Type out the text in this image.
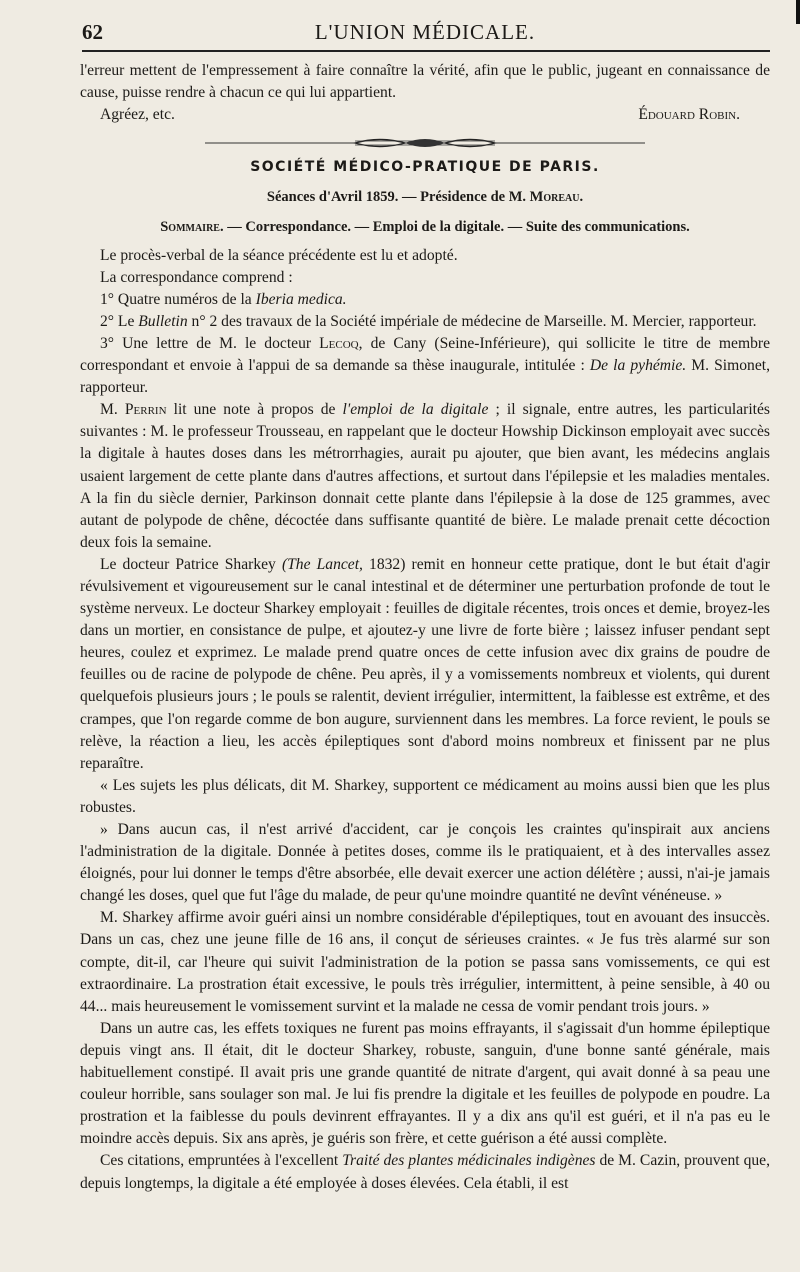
62	L'UNION MÉDICALE.

l'erreur mettent de l'empressement à faire connaître la vérité, afin que le public, jugeant en connaissance de cause, puisse rendre à chacun ce qui lui appartient.

Agréez, etc.	Édouard Robin.
SOCIÉTÉ MÉDICO-PRATIQUE DE PARIS.
Séances d'Avril 1859. — Présidence de M. Moreau.
Sommaire. — Correspondance. — Emploi de la digitale. — Suite des communications.

Le procès-verbal de la séance précédente est lu et adopté.

La correspondance comprend :

1° Quatre numéros de la Iberia medica.

2° Le Bulletin n° 2 des travaux de la Société impériale de médecine de Marseille. M. Mercier, rapporteur.

3° Une lettre de M. le docteur Lecoq, de Cany (Seine-Inférieure), qui sollicite le titre de membre correspondant et envoie à l'appui de sa demande sa thèse inaugurale, intitulée : De la pyhémie. M. Simonet, rapporteur.

M. Perrin lit une note à propos de l'emploi de la digitale ; il signale, entre autres, les particularités suivantes : M. le professeur Trousseau, en rappelant que le docteur Howship Dickinson employait avec succès la digitale à hautes doses dans les métrorrhagies, aurait pu ajouter, que bien avant, les médecins anglais usaient largement de cette plante dans d'autres affections, et surtout dans l'épilepsie et les maladies mentales. A la fin du siècle dernier, Parkinson donnait cette plante dans l'épilepsie à la dose de 125 grammes, avec autant de polypode de chêne, décoctée dans suffisante quantité de bière. Le malade prenait cette décoction deux fois la semaine.

Le docteur Patrice Sharkey (The Lancet, 1832) remit en honneur cette pratique, dont le but était d'agir révulsivement et vigoureusement sur le canal intestinal et de déterminer une perturbation profonde de tout le système nerveux. Le docteur Sharkey employait : feuilles de digitale récentes, trois onces et demie, broyez-les dans un mortier, en consistance de pulpe, et ajoutez-y une livre de forte bière ; laissez infuser pendant sept heures, coulez et exprimez. Le malade prend quatre onces de cette infusion avec dix grains de poudre de feuilles ou de racine de polypode de chêne. Peu après, il y a vomissements nombreux et violents, qui durent quelquefois plusieurs jours ; le pouls se ralentit, devient irrégulier, intermittent, la faiblesse est extrême, et des crampes, que l'on regarde comme de bon augure, surviennent dans les membres. La force revient, le pouls se relève, la réaction a lieu, les accès épileptiques sont d'abord moins nombreux et finissent par ne plus reparaître.

« Les sujets les plus délicats, dit M. Sharkey, supportent ce médicament au moins aussi bien que les plus robustes.

» Dans aucun cas, il n'est arrivé d'accident, car je conçois les craintes qu'inspirait aux anciens l'administration de la digitale. Donnée à petites doses, comme ils le pratiquaient, et à des intervalles assez éloignés, pour lui donner le temps d'être absorbée, elle devait exercer une action délétère ; aussi, n'ai-je jamais changé les doses, quel que fut l'âge du malade, de peur qu'une moindre quantité ne devînt vénéneuse. »

M. Sharkey affirme avoir guéri ainsi un nombre considérable d'épileptiques, tout en avouant des insuccès. Dans un cas, chez une jeune fille de 16 ans, il conçut de sérieuses craintes. « Je fus très alarmé sur son compte, dit-il, car l'heure qui suivit l'administration de la potion se passa sans vomissements, ce qui est extraordinaire. La prostration était excessive, le pouls très irrégulier, intermittent, à peine sensible, à 40 ou 44... mais heureusement le vomissement survint et la malade ne cessa de vomir pendant trois jours. »

Dans un autre cas, les effets toxiques ne furent pas moins effrayants, il s'agissait d'un homme épileptique depuis vingt ans. Il était, dit le docteur Sharkey, robuste, sanguin, d'une bonne santé générale, mais habituellement constipé. Il avait pris une grande quantité de nitrate d'argent, qui avait donné à sa peau une couleur horrible, sans soulager son mal. Je lui fis prendre la digitale et les feuilles de polypode en poudre. La prostration et la faiblesse du pouls devinrent effrayantes. Il y a dix ans qu'il est guéri, et il n'a pas eu le moindre accès depuis. Six ans après, je guéris son frère, et cette guérison a été aussi complète.

Ces citations, empruntées à l'excellent Traité des plantes médicinales indigènes de M. Cazin, prouvent que, depuis longtemps, la digitale a été employée à doses élevées. Cela établi, il est
